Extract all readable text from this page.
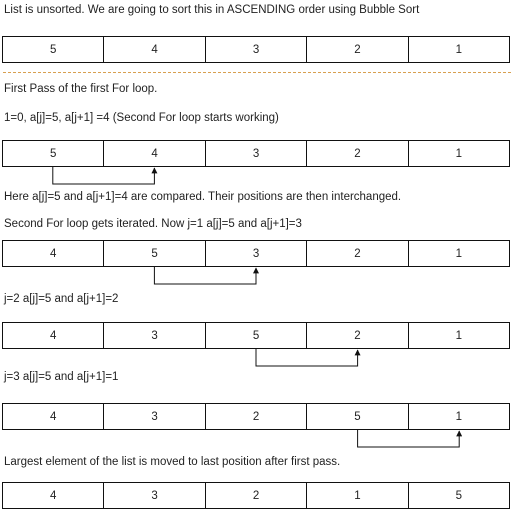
List is unsorted. We are going to sort this in ASCENDING order using Bubble Sort
5	4	3	2	1
First Pass of the first For loop.
1=0, a[j]=5, a[j+1] =4 (Second For loop starts working)
5	4	3	2	1
Here a[j]=5 and a[j+1]=4 are compared. Their positions are then interchanged.
Second For loop gets iterated. Now j=1 a[j]=5 and a[j+1]=3
4	5	3	2	1
j=2 a[j]=5 and a[j+1]=2
4	3	5	2	1
j=3 a[j]=5 and a[j+1]=1
4	3	2	5	1
Largest element of the list is moved to last position after first pass.
4	3	2	1	5
